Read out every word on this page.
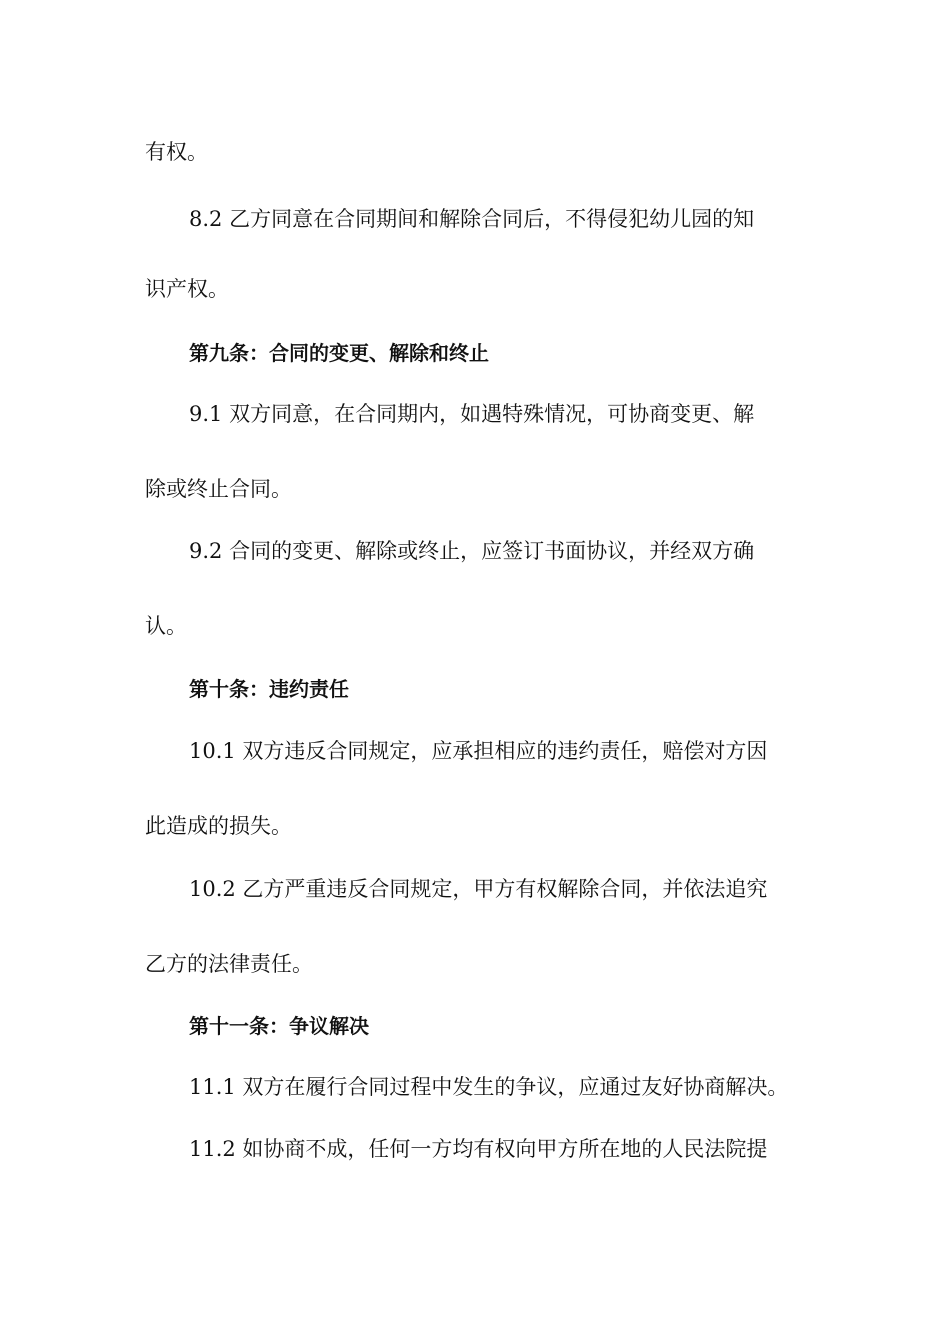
有权。

8.2 乙方同意在合同期间和解除合同后，不得侵犯幼儿园的知

识产权。

第九条：合同的变更、解除和终止

9.1 双方同意，在合同期内，如遇特殊情况，可协商变更、解

除或终止合同。

9.2 合同的变更、解除或终止，应签订书面协议，并经双方确

认。

第十条：违约责任

10.1 双方违反合同规定，应承担相应的违约责任，赔偿对方因

此造成的损失。

10.2 乙方严重违反合同规定，甲方有权解除合同，并依法追究

乙方的法律责任。

第十一条：争议解决

11.1 双方在履行合同过程中发生的争议，应通过友好协商解决。

11.2 如协商不成，任何一方均有权向甲方所在地的人民法院提
